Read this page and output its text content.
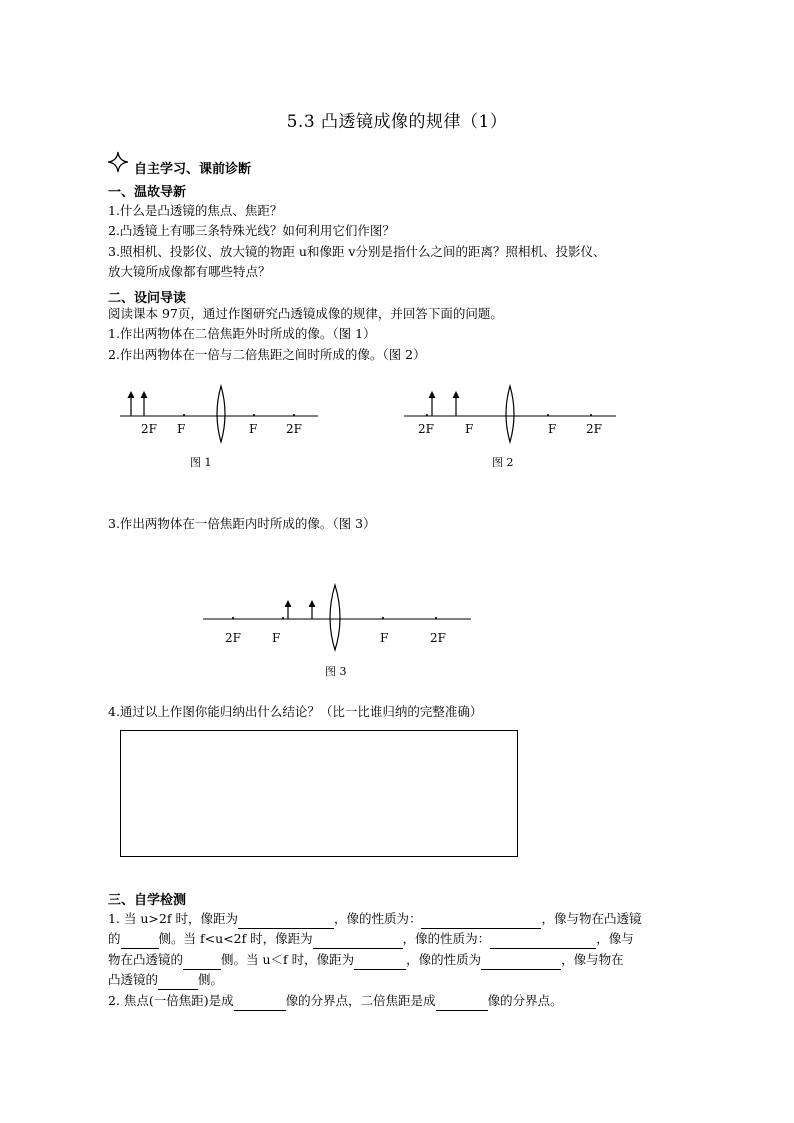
5.3 凸透镜成像的规律（1）
自主学习、课前诊断
一、温故导新
1.什么是凸透镜的焦点、焦距？
2.凸透镜上有哪三条特殊光线？如何利用它们作图？
3.照相机、投影仪、放大镜的物距 u和像距 v分别是指什么之间的距离？照相机、投影仪、
放大镜所成像都有哪些特点？
二、设问导读
阅读课本 97页，通过作图研究凸透镜成像的规律，并回答下面的问题。
1.作出两物体在二倍焦距外时所成的像。（图 1）
2.作出两物体在一倍与二倍焦距之间时所成的像。（图 2）
2F F	F 2F
图 1
2F	F	F 2F
图 2
3.作出两物体在一倍焦距内时所成的像。（图 3）
2F	F	F	2F
图 3
4.通过以上作图你能归纳出什么结论？（比一比谁归纳的完整准确）
三、自学检测
1. 当 u>2f 时，像距为	，像的性质为：	，像与物在凸透镜
的	侧。当 f<u<2f 时，像距为	，像的性质为：	，像与
物在凸透镜的	侧。当 u＜f 时，像距为	，像的性质为	，像与物在
凸透镜的	侧。
2. 焦点(一倍焦距)是成	像的分界点，二倍焦距是成	像的分界点。
